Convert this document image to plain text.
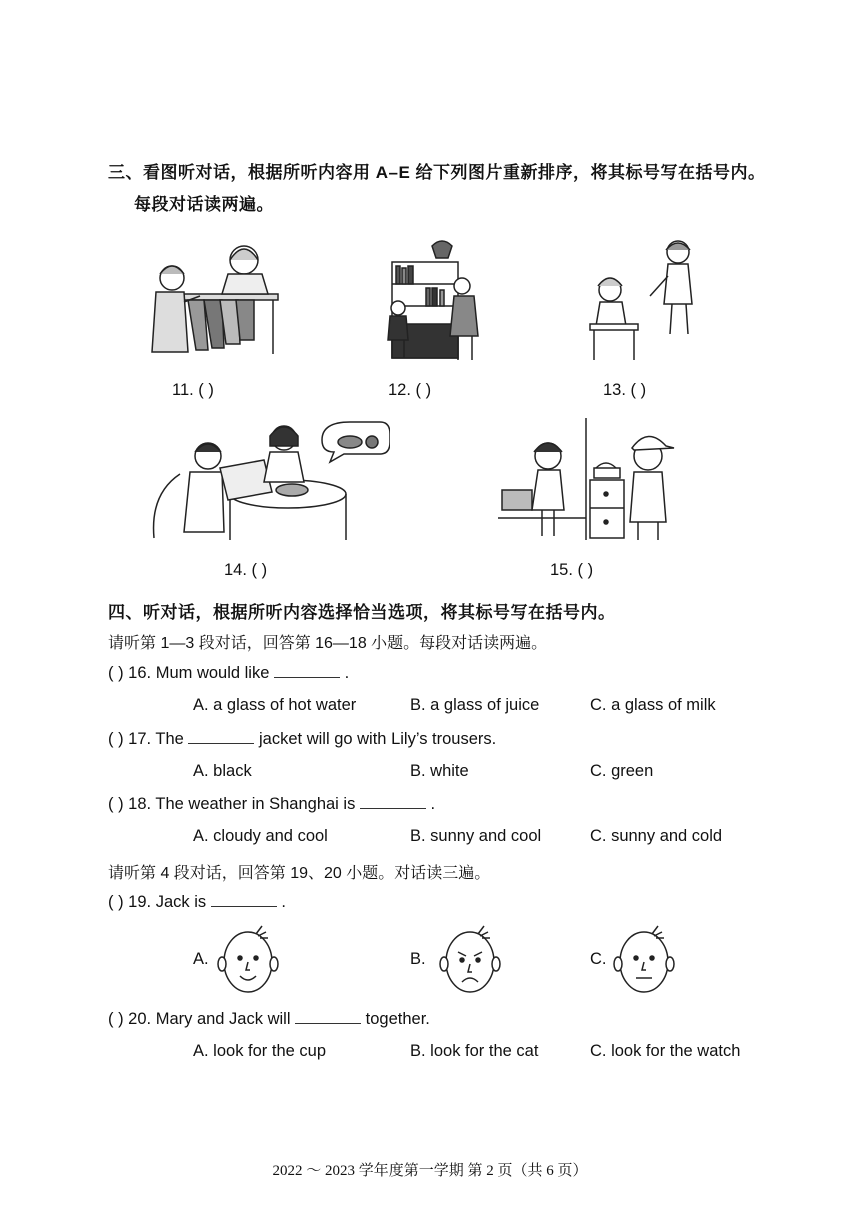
三、看图听对话，根据所听内容用 A–E 给下列图片重新排序，将其标号写在括号内。
每段对话读两遍。
11. ( )	12. ( )	13. ( )
14. ( )	15. ( )
四、听对话，根据所听内容选择恰当选项，将其标号写在括号内。
请听第 1—3 段对话，回答第 16—18 小题。每段对话读两遍。
( ) 16. Mum would like	.
A. a glass of hot water	B. a glass of juice	C. a glass of milk
( ) 17. The	jacket will go with Lily’s trousers.
A. black	B. white	C. green
( ) 18. The weather in Shanghai is	.
A. cloudy and cool	B. sunny and cool	C. sunny and cold
请听第 4 段对话，回答第 19、20 小题。对话读三遍。
( ) 19. Jack is	.
A.	B.	C.
( ) 20. Mary and Jack will	together.
A. look for the cup	B. look for the cat	C. look for the watch
2022 ～ 2023 学年度第一学期 第 2 页（共 6 页）
